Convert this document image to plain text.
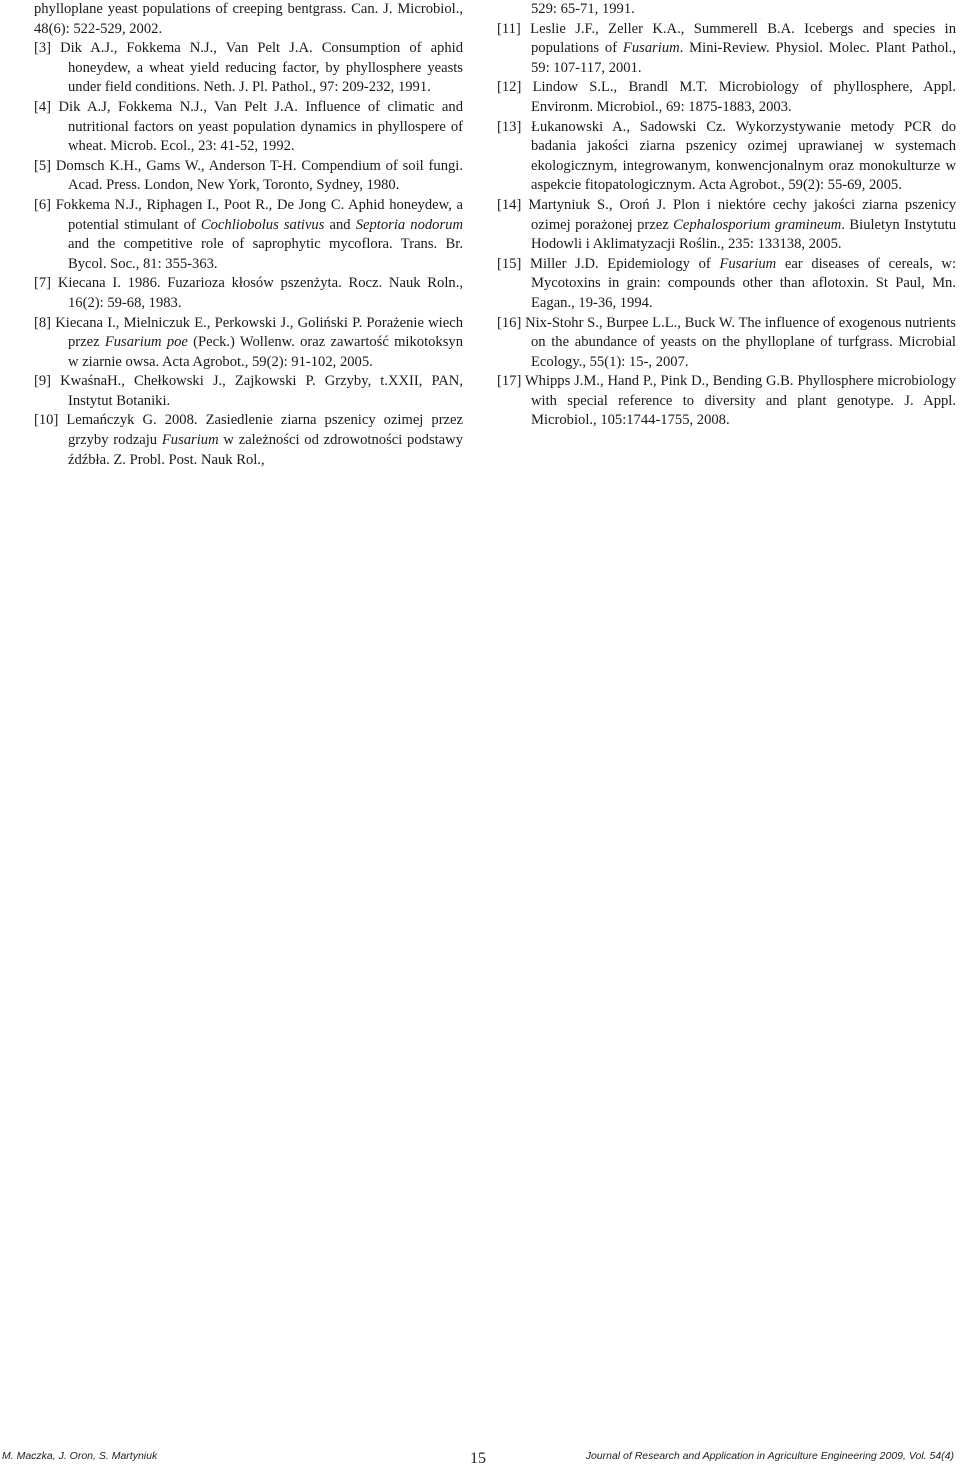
phylloplane yeast populations of creeping bentgrass. Can. J. Microbiol., 48(6): 522-529, 2002.
[3] Dik A.J., Fokkema N.J., Van Pelt J.A. Consumption of aphid honeydew, a wheat yield reducing factor, by phyllosphere yeasts under field conditions. Neth. J. Pl. Pathol., 97: 209-232, 1991.
[4] Dik A.J, Fokkema N.J., Van Pelt J.A. Influence of climatic and nutritional factors on yeast population dynamics in phyllospere of wheat. Microb. Ecol., 23: 41-52, 1992.
[5] Domsch K.H., Gams W., Anderson T-H. Compendium of soil fungi. Acad. Press. London, New York, Toronto, Sydney, 1980.
[6] Fokkema N.J., Riphagen I., Poot R., De Jong C. Aphid honeydew, a potential stimulant of Cochliobolus sativus and Septoria nodorum and the competitive role of saprophytic mycoflora. Trans. Br. Bycol. Soc., 81: 355-363.
[7] Kiecana I. 1986. Fuzarioza kłosów pszenżyta. Rocz. Nauk Roln., 16(2): 59-68, 1983.
[8] Kiecana I., Mielniczuk E., Perkowski J., Goliński P. Porażenie wiech przez Fusarium poe (Peck.) Wollenw. oraz zawartość mikotoksyn w ziarnie owsa. Acta Agrobot., 59(2): 91-102, 2005.
[9] KwaśnaH., Chełkowski J., Zajkowski P. Grzyby, t.XXII, PAN, Instytut Botaniki.
[10] Lemańczyk G. 2008. Zasiedlenie ziarna pszenicy ozimej przez grzyby rodzaju Fusarium w zależności od zdrowotności podstawy źdźbła. Z. Probl. Post. Nauk Rol.,
529: 65-71, 1991.
[11] Leslie J.F., Zeller K.A., Summerell B.A. Icebergs and species in populations of Fusarium. Mini-Review. Physiol. Molec. Plant Pathol., 59: 107-117, 2001.
[12] Lindow S.L., Brandl M.T. Microbiology of phyllosphere, Appl. Environm. Microbiol., 69: 1875-1883, 2003.
[13] Łukanowski A., Sadowski Cz. Wykorzystywanie metody PCR do badania jakości ziarna pszenicy ozimej uprawianej w systemach ekologicznym, integrowanym, konwencjonalnym oraz monokulturze w aspekcie fitopatologicznym. Acta Agrobot., 59(2): 55-69, 2005.
[14] Martyniuk S., Oroń J. Plon i niektóre cechy jakości ziarna pszenicy ozimej porażonej przez Cephalosporium gramineum. Biuletyn Instytutu Hodowli i Aklimatyzacji Roślin., 235: 133138, 2005.
[15] Miller J.D. Epidemiology of Fusarium ear diseases of cereals, w: Mycotoxins in grain: compounds other than aflotoxin. St Paul, Mn. Eagan., 19-36, 1994.
[16] Nix-Stohr S., Burpee L.L., Buck W. The influence of exogenous nutrients on the abundance of yeasts on the phylloplane of turfgrass. Microbial Ecology., 55(1): 15-, 2007.
[17] Whipps J.M., Hand P., Pink D., Bending G.B. Phyllosphere microbiology with special reference to diversity and plant genotype. J. Appl. Microbiol., 105:1744-1755, 2008.
M. Maczka, J. Oron, S. Martyniuk	15	Journal of Research and Application in Agriculture Engineering 2009, Vol. 54(4)
